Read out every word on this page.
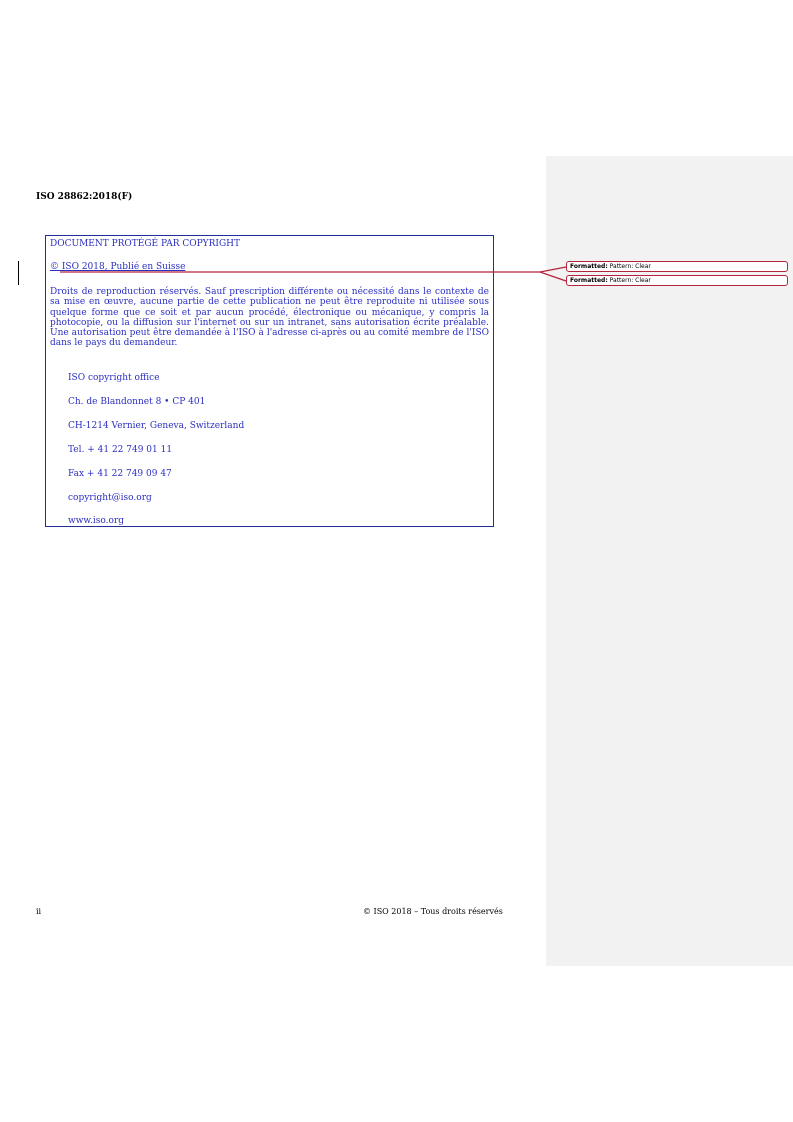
ISO 28862:2018(F)

DOCUMENT PROTÉGÉ PAR COPYRIGHT

© ISO 2018, Publié en Suisse

Droits de reproduction réservés. Sauf prescription différente ou nécessité dans le contexte de sa mise en œuvre, aucune partie de cette publication ne peut être reproduite ni utilisée sous quelque forme que ce soit et par aucun procédé, électronique ou mécanique, y compris la photocopie, ou la diffusion sur l'internet ou sur un intranet, sans autorisation écrite préalable. Une autorisation peut être demandée à l'ISO à l'adresse ci-après ou au comité membre de l'ISO dans le pays du demandeur.

ISO copyright office

Ch. de Blandonnet 8 • CP 401

CH-1214 Vernier, Geneva, Switzerland

Tel. + 41 22 749 01 11

Fax + 41 22 749 09 47

copyright@iso.org

www.iso.org

Formatted: Pattern: Clear
Formatted: Pattern: Clear
ii	© ISO 2018 – Tous droits réservés
